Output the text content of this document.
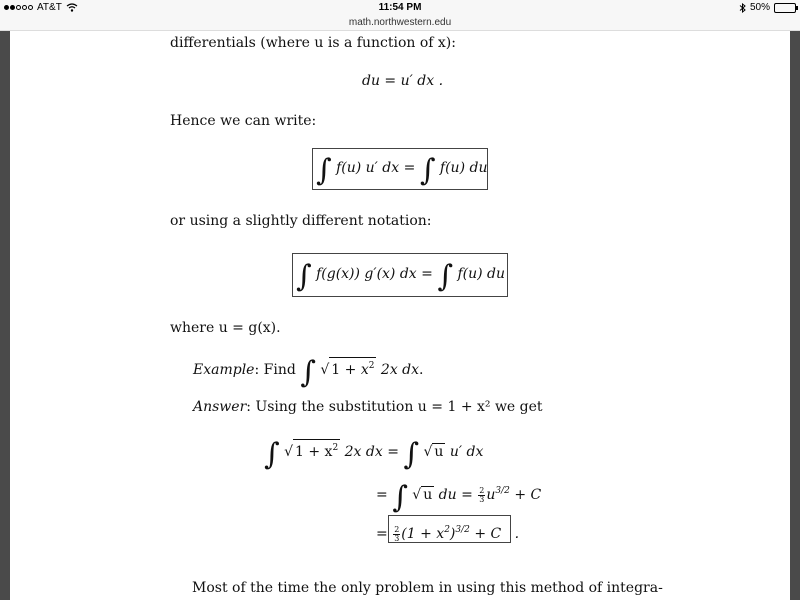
AT&T	11:54 PM	50%
math.northwestern.edu
differentials (where u is a function of x):
du = u′ dx .
Hence we can write:
∫ f(u) u′ dx = ∫ f(u) du
or using a slightly different notation:
∫ f(g(x)) g′(x) dx = ∫ f(u) du
where u = g(x).
Example: Find ∫ √ $1 + x^2$ 2x dx.
Answer: Using the substitution u = 1 + x² we get
∫ √ $1 + x^2$ 2x dx = ∫ √ u u′ dx
= ∫ √ u du = $\frac{2}{3} u^{3/2} + C$
= $\frac{2}{3} (1 + x^2)^{3/2} + C$   .
Most of the time the only problem in using this method of integra-
